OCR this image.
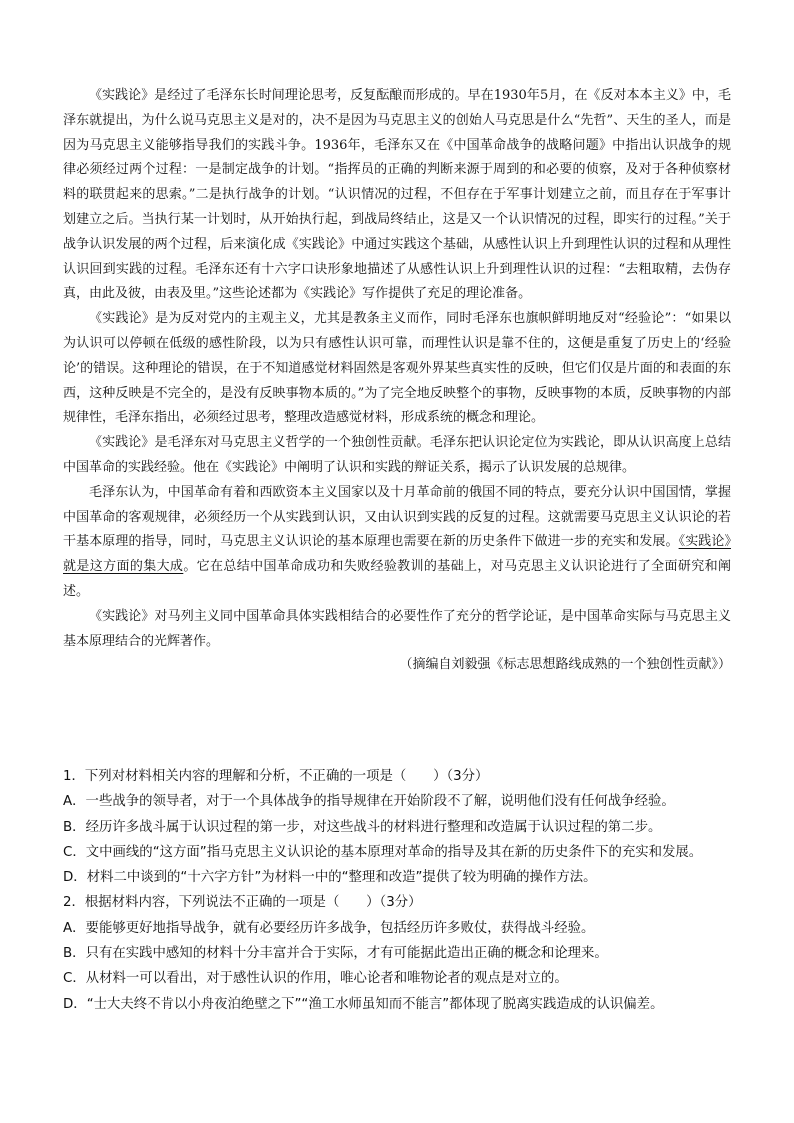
《实践论》是经过了毛泽东长时间理论思考，反复酝酿而形成的。早在1930年5月，在《反对本本主义》中，毛泽东就提出，为什么说马克思主义是对的，决不是因为马克思主义的创始人马克思是什么“先哲”、天生的圣人，而是因为马克思主义能够指导我们的实践斗争。1936年，毛泽东又在《中国革命战争的战略问题》中指出认识战争的规律必须经过两个过程：一是制定战争的计划。“指挥员的正确的判断来源于周到的和必要的侦察，及对于各种侦察材料的联贯起来的思索。”二是执行战争的计划。“认识情况的过程，不但存在于军事计划建立之前，而且存在于军事计划建立之后。当执行某一计划时，从开始执行起，到战局终结止，这是又一个认识情况的过程，即实行的过程。”关于战争认识发展的两个过程，后来演化成《实践论》中通过实践这个基础，从感性认识上升到理性认识的过程和从理性认识回到实践的过程。毛泽东还有十六字口诀形象地描述了从感性认识上升到理性认识的过程：“去粗取精，去伪存真，由此及彼，由表及里。”这些论述都为《实践论》写作提供了充足的理论准备。

《实践论》是为反对党内的主观主义，尤其是教条主义而作，同时毛泽东也旗帜鲜明地反对“经验论”：“如果以为认识可以停顿在低级的感性阶段，以为只有感性认识可靠，而理性认识是靠不住的，这便是重复了历史上的‘经验论’的错误。这种理论的错误，在于不知道感觉材料固然是客观外界某些真实性的反映，但它们仅是片面的和表面的东西，这种反映是不完全的，是没有反映事物本质的。”为了完全地反映整个的事物，反映事物的本质，反映事物的内部规律性，毛泽东指出，必须经过思考，整理改造感觉材料，形成系统的概念和理论。

《实践论》是毛泽东对马克思主义哲学的一个独创性贡献。毛泽东把认识论定位为实践论，即从认识高度上总结中国革命的实践经验。他在《实践论》中阐明了认识和实践的辩证关系，揭示了认识发展的总规律。

毛泽东认为，中国革命有着和西欧资本主义国家以及十月革命前的俄国不同的特点，要充分认识中国国情，掌握中国革命的客观规律，必须经历一个从实践到认识，又由认识到实践的反复的过程。这就需要马克思主义认识论的若干基本原理的指导，同时，马克思主义认识论的基本原理也需要在新的历史条件下做进一步的充实和发展。《实践论》就是这方面的集大成。它在总结中国革命成功和失败经验教训的基础上，对马克思主义认识论进行了全面研究和阐述。

《实践论》对马列主义同中国革命具体实践相结合的必要性作了充分的哲学论证，是中国革命实际与马克思主义基本原理结合的光辉著作。

（摘编自刘毅强《标志思想路线成熟的一个独创性贡献》）

1．下列对材料相关内容的理解和分析，不正确的一项是（　　）（3分）

A．一些战争的领导者，对于一个具体战争的指导规律在开始阶段不了解，说明他们没有任何战争经验。

B．经历许多战斗属于认识过程的第一步，对这些战斗的材料进行整理和改造属于认识过程的第二步。

C．文中画线的“这方面”指马克思主义认识论的基本原理对革命的指导及其在新的历史条件下的充实和发展。

D．材料二中谈到的“十六字方针”为材料一中的“整理和改造”提供了较为明确的操作方法。

2．根据材料内容，下列说法不正确的一项是（　　）（3分）

A．要能够更好地指导战争，就有必要经历许多战争，包括经历许多败仗，获得战斗经验。

B．只有在实践中感知的材料十分丰富并合于实际，才有可能据此造出正确的概念和论理来。

C．从材料一可以看出，对于感性认识的作用，唯心论者和唯物论者的观点是对立的。

D．“士大夫终不肯以小舟夜泊绝壁之下”“渔工水师虽知而不能言”都体现了脱离实践造成的认识偏差。
